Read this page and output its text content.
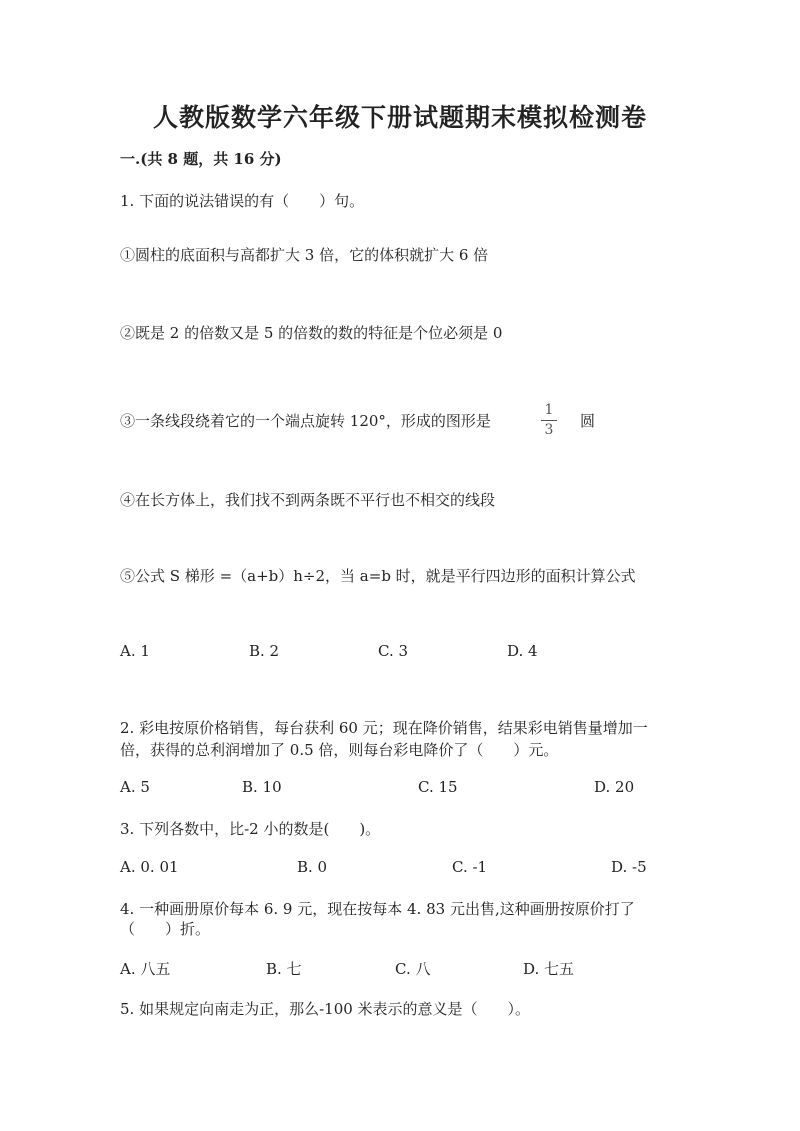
人教版数学六年级下册试题期末模拟检测卷
一.(共 8 题，共 16 分)
1. 下面的说法错误的有（　　）句。
①圆柱的底面积与高都扩大 3 倍，它的体积就扩大 6 倍
②既是 2 的倍数又是 5 的倍数的数的特征是个位必须是 0
③一条线段绕着它的一个端点旋转 120°，形成的图形是
1
3 圆
④在长方体上，我们找不到两条既不平行也不相交的线段
⑤公式 S 梯形 =（a+b）h÷2，当 a=b 时，就是平行四边形的面积计算公式
A. 1	B. 2	C. 3	D. 4
2. 彩电按原价格销售，每台获利 60 元；现在降价销售，结果彩电销售量增加一
倍，获得的总利润增加了 0.5 倍，则每台彩电降价了（　　）元。
A. 5	B. 10	C. 15	D. 20
3. 下列各数中，比-2 小的数是(　　)。
A. 0. 01	B. 0	C. -1	D. -5
4. 一种画册原价每本 6. 9 元，现在按每本 4. 83 元出售,这种画册按原价打了
（　　）折。
A. 八五	B. 七	C. 八	D. 七五
5. 如果规定向南走为正，那么-100 米表示的意义是（　　）。
